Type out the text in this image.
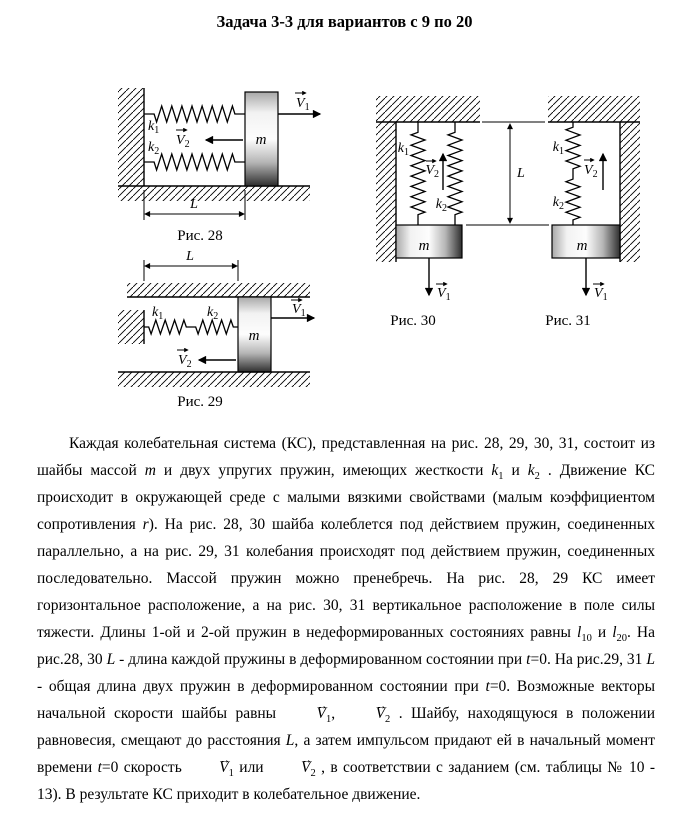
Задача 3-3 для вариантов с 9 по 20
m
$k_1$
$k_2$
$V_1$
$V_2$
L
Рис. 28
L
$k_1$	$k_2$
m
$V_1$
$V_2$
Рис. 29
$k_1$
$k_2$
$V_2$
m
$V_1$
Рис. 30
L
$k_1$
$k_2$
$V_2$
m
$V_1$
Рис. 31
Каждая колебательная система (КС), представленная на рис. 28, 29, 30, 31, состоит из шайбы массой m и двух упругих пружин, имеющих жесткости $k_1$ и $k_2$ . Движение КС происходит в окружающей среде с малыми вязкими свойствами (малым коэффициентом сопротивления r). На рис. 28, 30 шайба колеблется под действием пружин, соединенных параллельно, а на рис. 29, 31 колебания происходят под действием пружин, соединенных последовательно. Массой пружин можно пренебречь. На рис. 28, 29 КС имеет горизонтальное расположение, а на рис. 30, 31 вертикальное расположение в поле силы тяжести. Длины 1-ой и 2-ой пружин в недеформированных состояниях равны $l_{10}$ и $l_{20}$. На рис.28, 30 L - длина каждой пружины в деформированном состоянии при t=0. На рис.29, 31 L - общая длина двух пружин в деформированном состоянии при t=0. Возможные векторы начальной скорости шайбы равны → $V_1$, → $V_2$ . Шайбу, находящуюся в положении равновесия, смещают до расстояния L, а затем импульсом придают ей в начальный момент времени t=0 скорость → $V_1$ или → $V_2$ , в соответствии с заданием (см. таблицы № 10 - 13). В результате КС приходит в колебательное движение.
